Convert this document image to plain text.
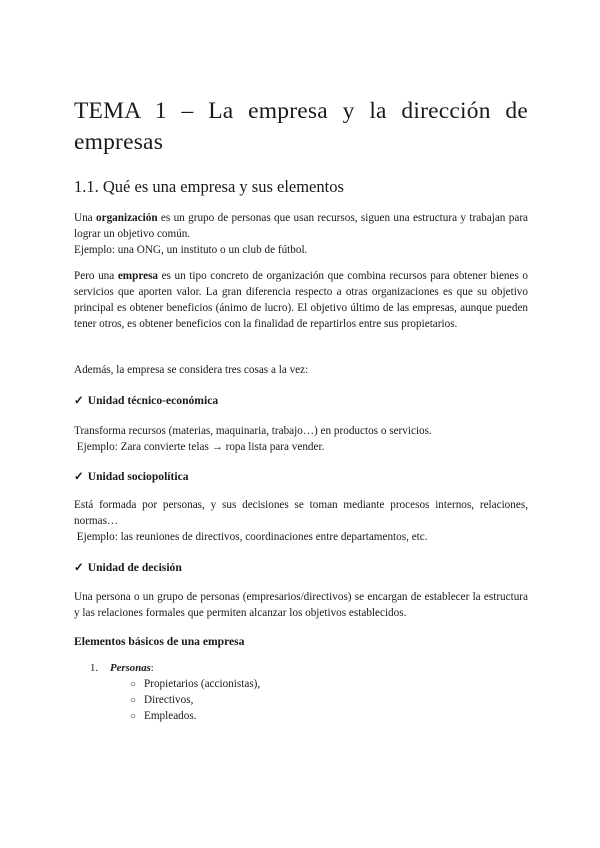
TEMA 1 – La empresa y la dirección de empresas
1.1. Qué es una empresa y sus elementos
Una organización es un grupo de personas que usan recursos, siguen una estructura y trabajan para lograr un objetivo común.
Ejemplo: una ONG, un instituto o un club de fútbol.
Pero una empresa es un tipo concreto de organización que combina recursos para obtener bienes o servicios que aporten valor. La gran diferencia respecto a otras organizaciones es que su objetivo principal es obtener beneficios (ánimo de lucro). El objetivo último de las empresas, aunque pueden tener otros, es obtener beneficios con la finalidad de repartirlos entre sus propietarios.
Además, la empresa se considera tres cosas a la vez:
✓ Unidad técnico-económica
Transforma recursos (materias, maquinaria, trabajo…) en productos o servicios.
Ejemplo: Zara convierte telas → ropa lista para vender.
✓ Unidad sociopolítica
Está formada por personas, y sus decisiones se toman mediante procesos internos, relaciones, normas…
Ejemplo: las reuniones de directivos, coordinaciones entre departamentos, etc.
✓ Unidad de decisión
Una persona o un grupo de personas (empresarios/directivos) se encargan de establecer la estructura y las relaciones formales que permiten alcanzar los objetivos establecidos.
Elementos básicos de una empresa
1. Personas:
○ Propietarios (accionistas),
○ Directivos,
○ Empleados.
